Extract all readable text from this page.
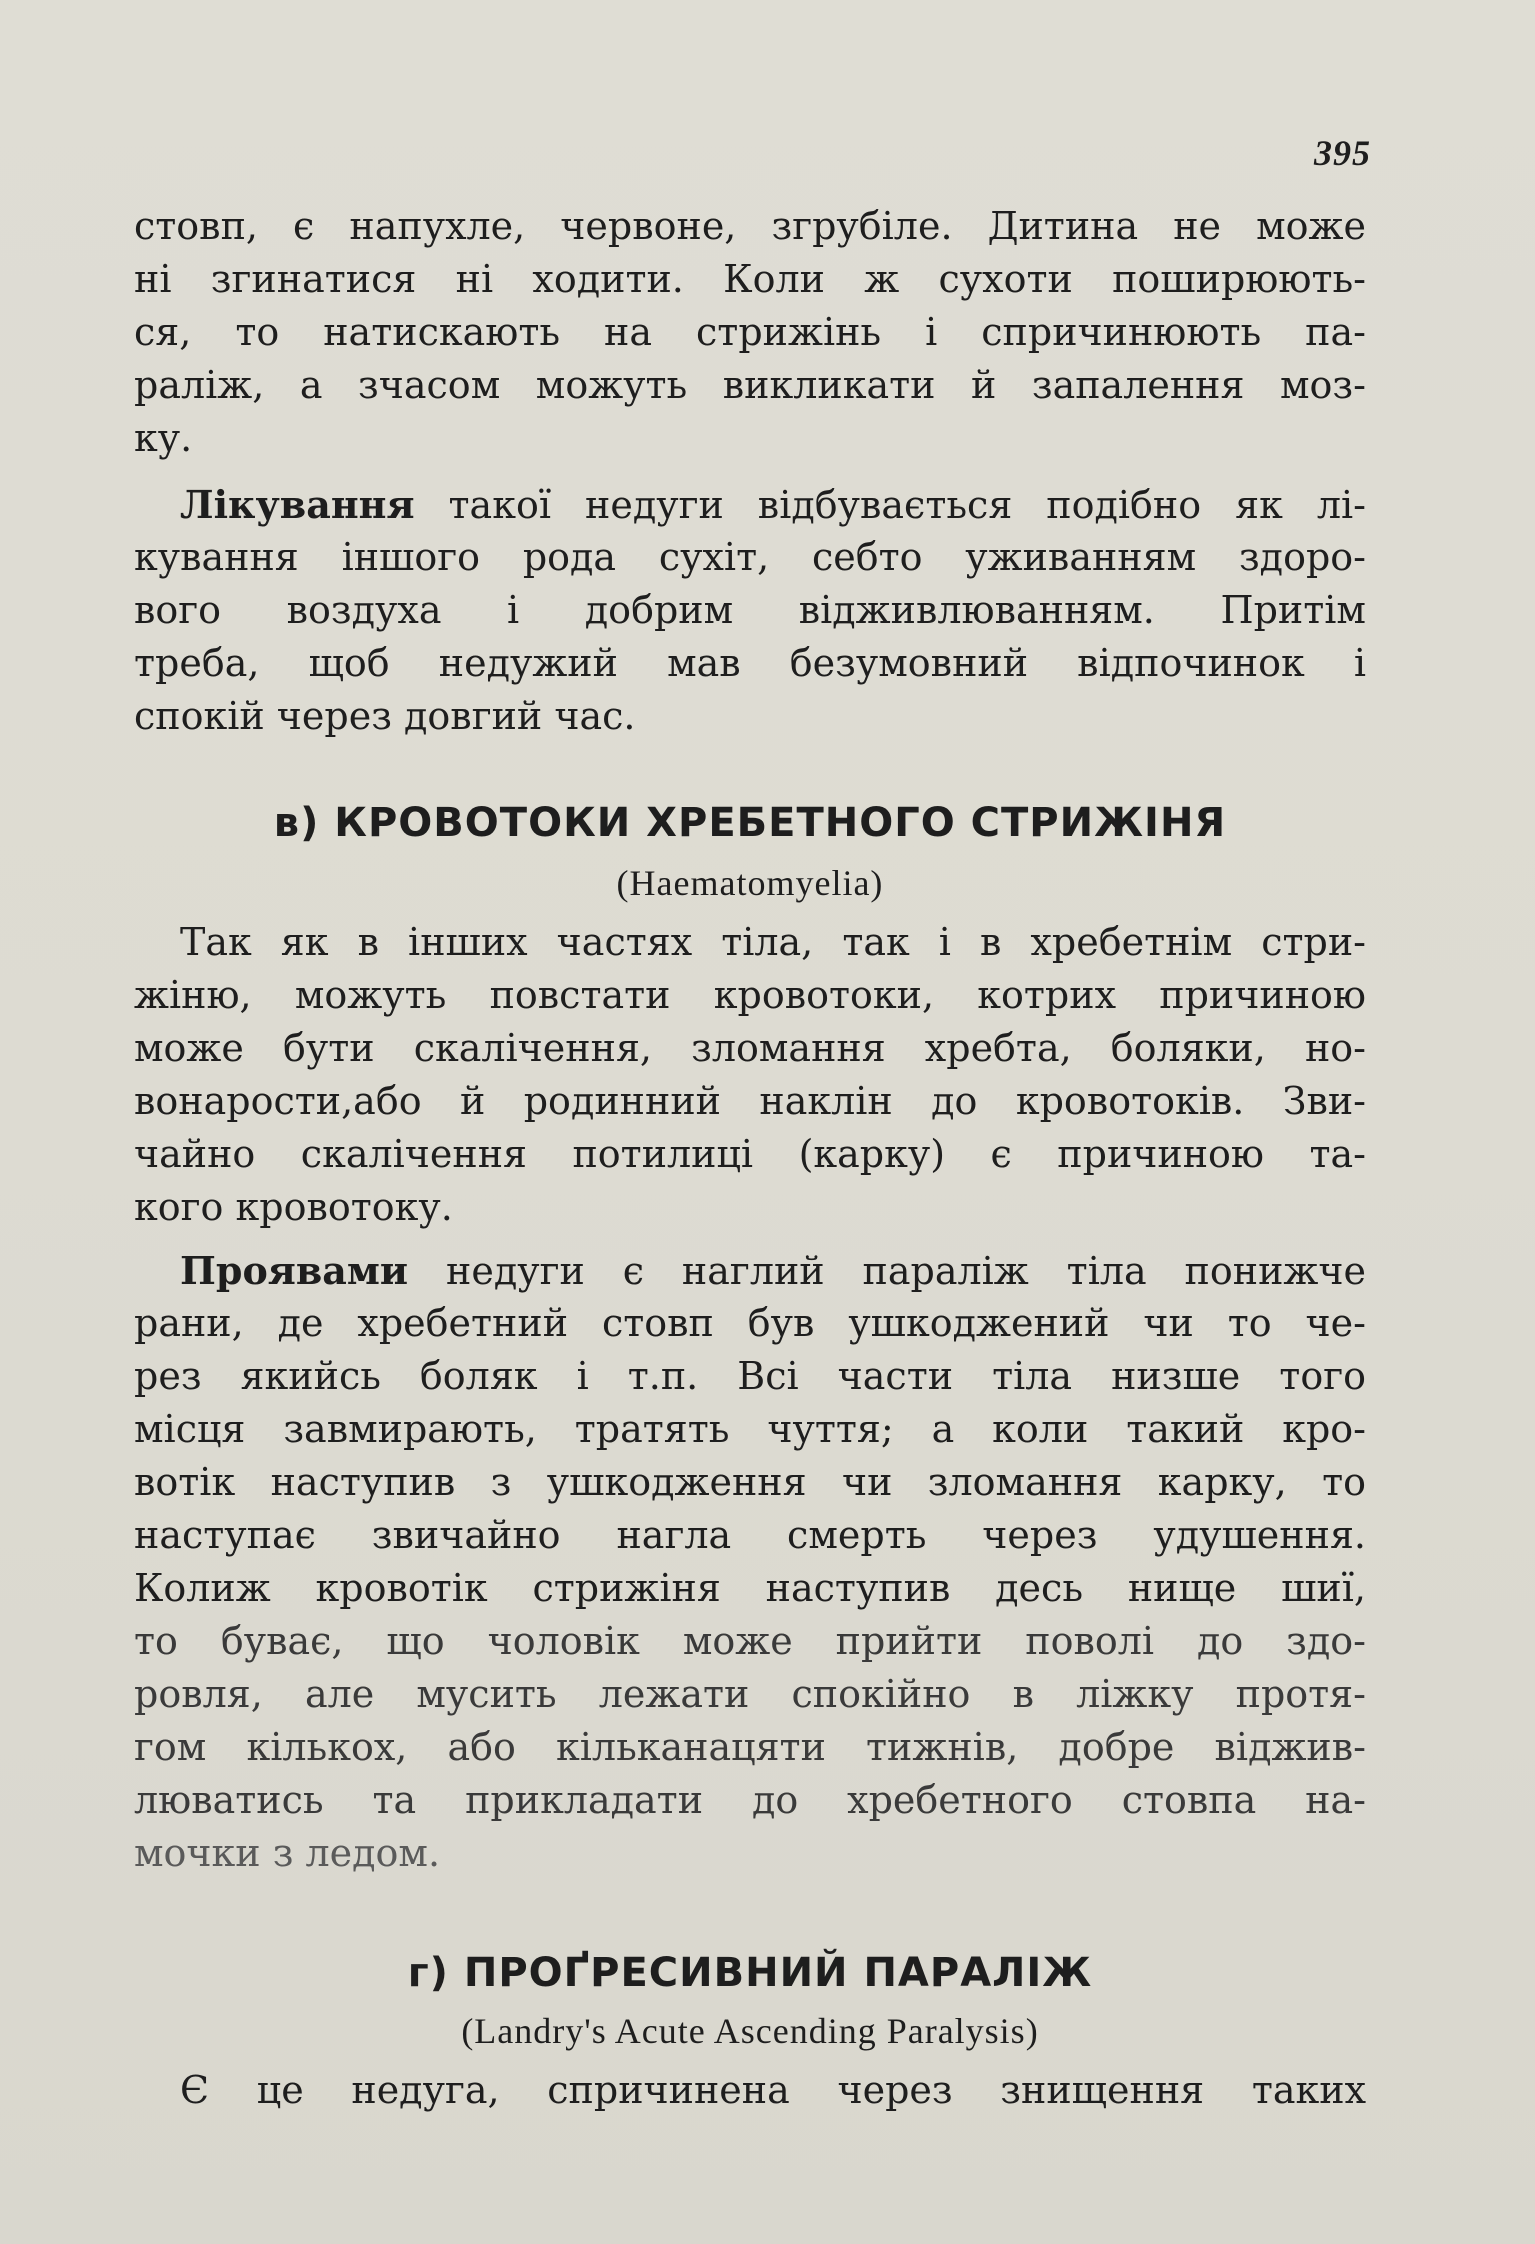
395
стовп, є напухле, червоне, згрубіле. Дитина не може
ні згинатися ні ходити. Коли ж сухоти поширюють-
ся, то натискають на стрижінь і спричинюють па-
раліж, а зчасом можуть викликати й запалення моз-
ку.
Лікування такої недуги відбувається подібно як лі-
кування іншого рода сухіт, себто уживанням здоро-
вого воздуха і добрим відживлюванням. Притім
треба, щоб недужий мав безумовний відпочинок і
спокій через довгий час.
в) КРОВОТОКИ ХРЕБЕТНОГО СТРИЖІНЯ
(Haematomyelia)
Так як в інших частях тіла, так і в хребетнім стри-
жіню, можуть повстати кровотоки, котрих причиною
може бути скалічення, зломання хребта, боляки, но-
вонарости,або й родинний наклін до кровотоків. Зви-
чайно скалічення потилиці (карку) є причиною та-
кого кровотоку.
Проявами недуги є наглий параліж тіла понижче
рани, де хребетний стовп був ушкоджений чи то че-
рез якийсь боляк і т.п. Всі части тіла низше того
місця завмирають, тратять чуття; а коли такий кро-
вотік наступив з ушкодження чи зломання карку, то
наступає звичайно нагла смерть через удушення.
Колиж кровотік стрижіня наступив десь нище шиї,
то буває, що чоловік може прийти поволі до здо-
ровля, але мусить лежати спокійно в ліжку протя-
гом кількох, або кільканацяти тижнів, добре віджив-
люватись та прикладати до хребетного стовпа на-
мочки з ледом.
г) ПРОҐРЕСИВНИЙ ПАРАЛІЖ
(Landry's Acute Ascending Paralysis)
Є це недуга, спричинена через знищення таких
